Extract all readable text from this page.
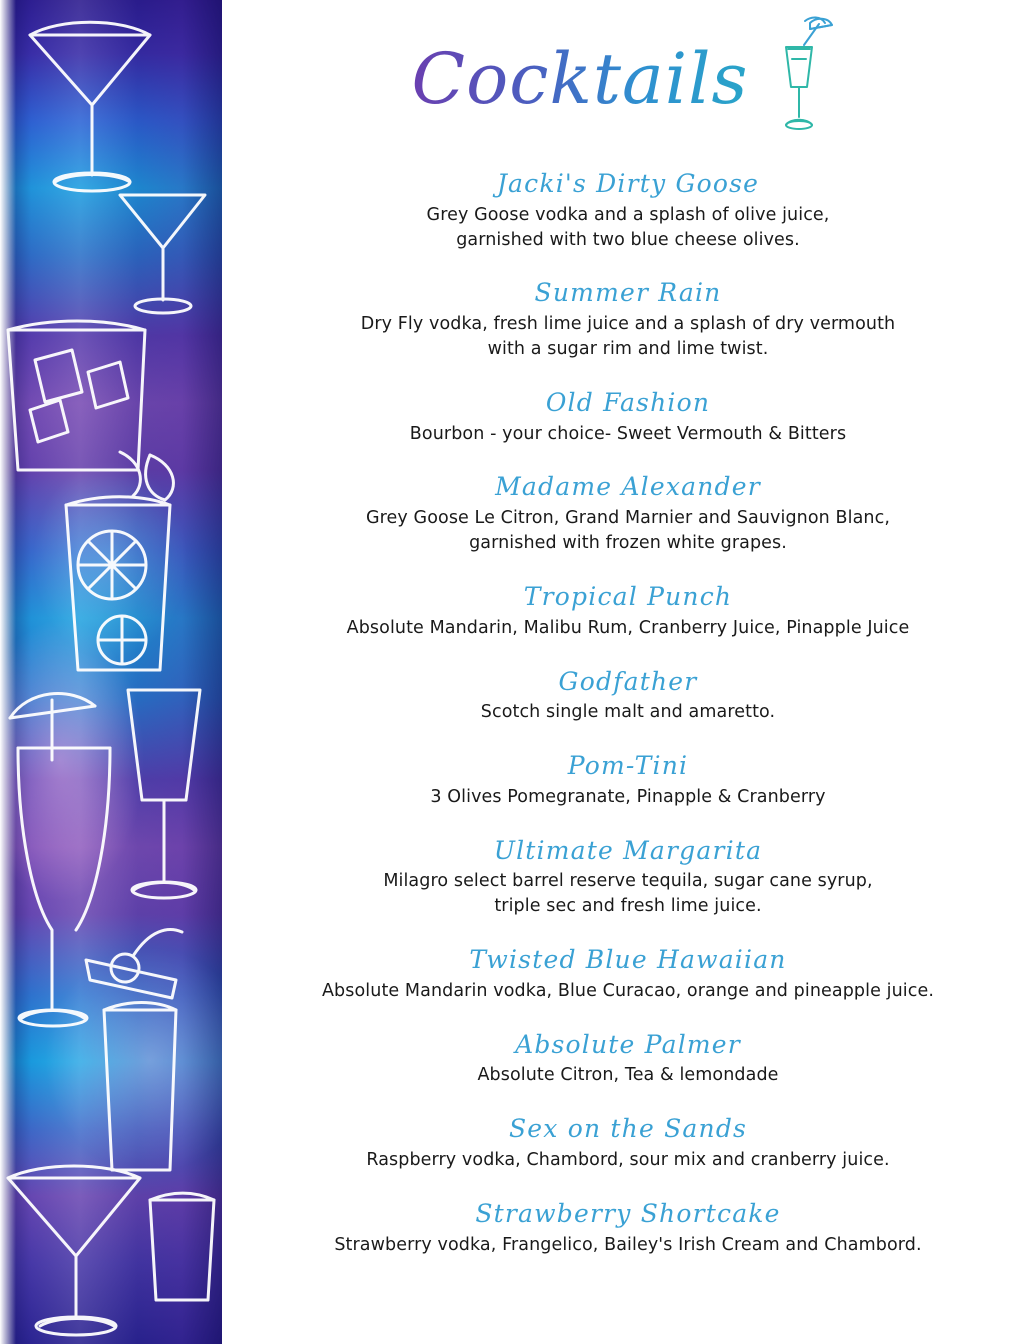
Cocktails
Jacki's Dirty Goose
Grey Goose vodka and a splash of olive juice,
garnished with two blue cheese olives.
Summer Rain
Dry Fly vodka, fresh lime juice and a splash of dry vermouth
with a sugar rim and lime twist.
Old Fashion
Bourbon - your choice- Sweet Vermouth & Bitters
Madame Alexander
Grey Goose Le Citron, Grand Marnier and Sauvignon Blanc,
garnished with frozen white grapes.
Tropical Punch
Absolute Mandarin, Malibu Rum, Cranberry Juice, Pinapple Juice
Godfather
Scotch single malt and amaretto.
Pom-Tini
3 Olives Pomegranate, Pinapple & Cranberry
Ultimate Margarita
Milagro select barrel reserve tequila, sugar cane syrup,
triple sec and fresh lime juice.
Twisted Blue Hawaiian
Absolute Mandarin vodka, Blue Curacao, orange and pineapple juice.
Absolute Palmer
Absolute Citron, Tea & lemondade
Sex on the Sands
Raspberry vodka, Chambord, sour mix and cranberry juice.
Strawberry Shortcake
Strawberry vodka, Frangelico, Bailey's Irish Cream and Chambord.
